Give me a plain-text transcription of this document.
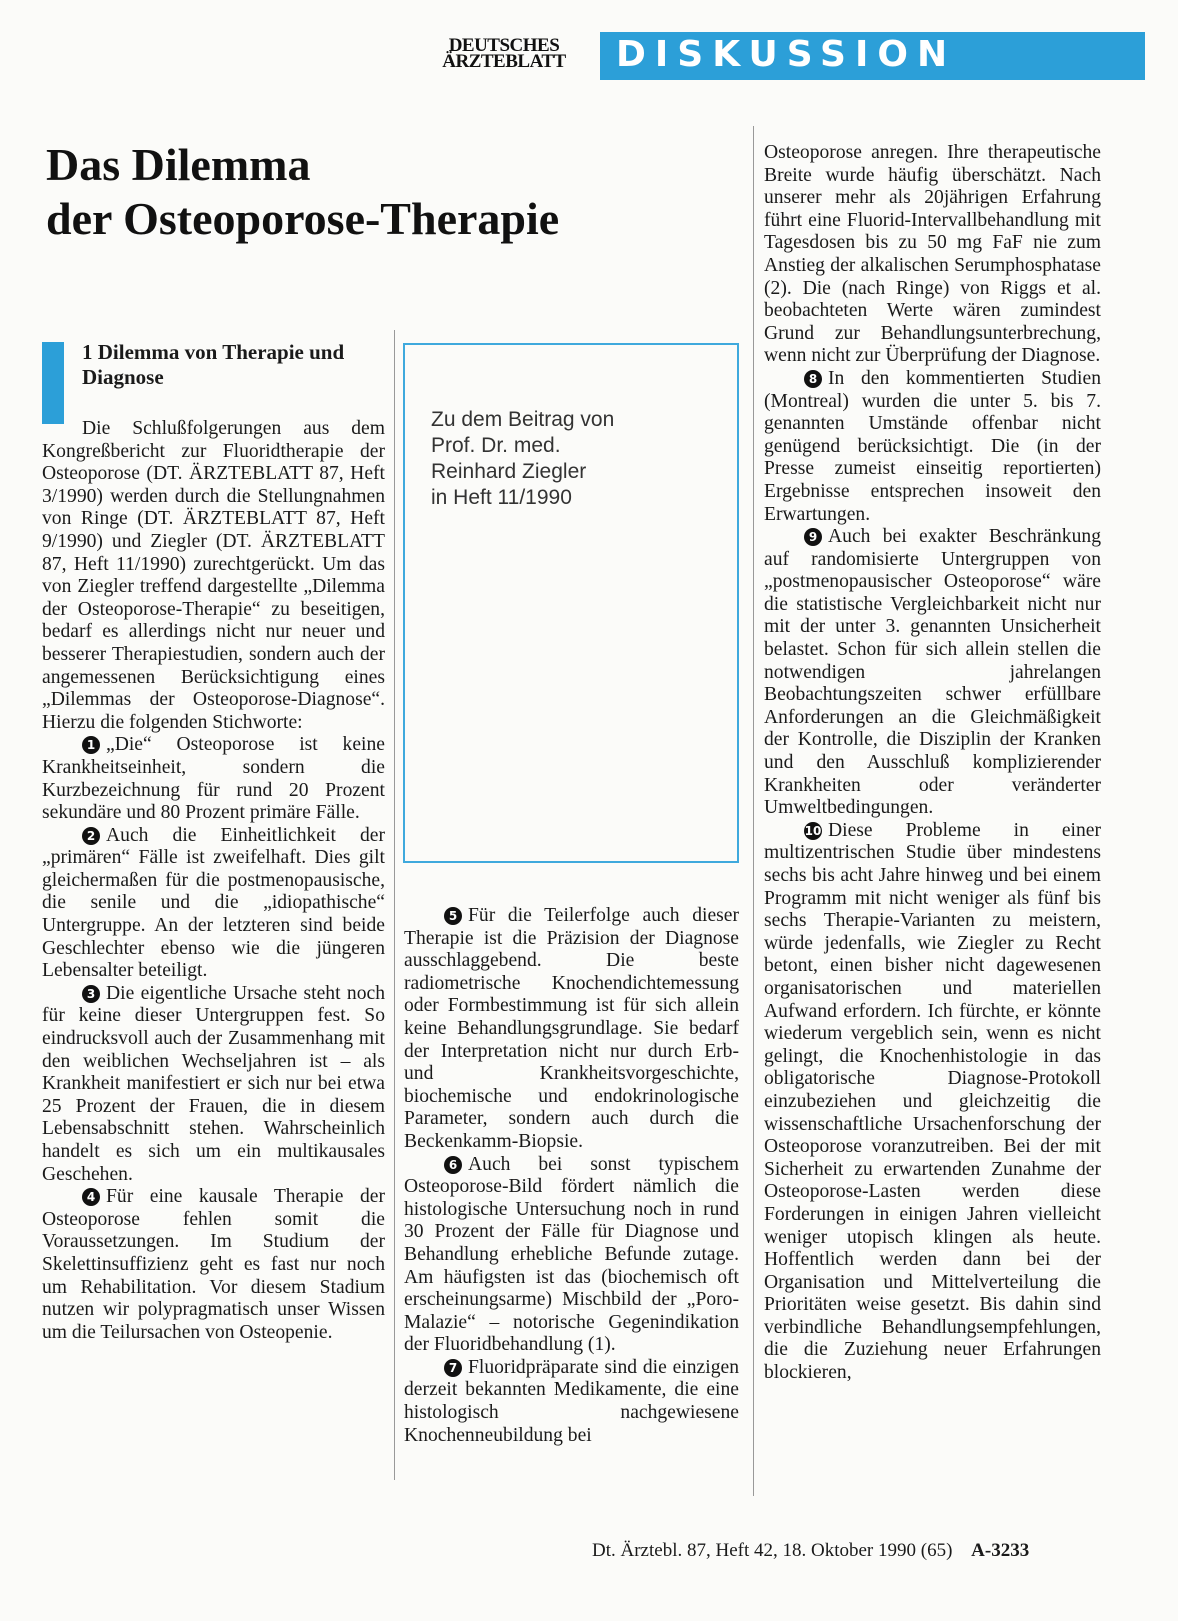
DEUTSCHES
ÄRZTEBLATT	DISKUSSION
Das Dilemma
der Osteoporose-Therapie
1 Dilemma von Therapie und Diagnose

Die Schlußfolgerungen aus dem Kongreßbericht zur Fluoridtherapie der Osteoporose (DT. ÄRZTEBLATT 87, Heft 3/1990) werden durch die Stellungnahmen von Ringe (DT. ÄRZTEBLATT 87, Heft 9/1990) und Ziegler (DT. ÄRZTEBLATT 87, Heft 11/1990) zurechtgerückt. Um das von Ziegler treffend dargestellte „Dilemma der Osteoporose-Therapie“ zu beseitigen, bedarf es allerdings nicht nur neuer und besserer Therapiestudien, sondern auch der angemessenen Berücksichtigung eines „Dilemmas der Osteoporose-Diagnose“. Hierzu die folgenden Stichworte:

1 „Die“ Osteoporose ist keine Krankheitseinheit, sondern die Kurzbezeichnung für rund 20 Prozent sekundäre und 80 Prozent primäre Fälle.

2 Auch die Einheitlichkeit der „primären“ Fälle ist zweifelhaft. Dies gilt gleichermaßen für die postmenopausische, die senile und die „idiopathische“ Untergruppe. An der letzteren sind beide Geschlechter ebenso wie die jüngeren Lebensalter beteiligt.

3 Die eigentliche Ursache steht noch für keine dieser Untergruppen fest. So eindrucksvoll auch der Zusammenhang mit den weiblichen Wechseljahren ist – als Krankheit manifestiert er sich nur bei etwa 25 Prozent der Frauen, die in diesem Lebensabschnitt stehen. Wahrscheinlich handelt es sich um ein multikausales Geschehen.

4 Für eine kausale Therapie der Osteoporose fehlen somit die Voraussetzungen. Im Studium der Skelettinsuffizienz geht es fast nur noch um Rehabilitation. Vor diesem Stadium nutzen wir polypragmatisch unser Wissen um die Teilursachen von Osteopenie.

Zu dem Beitrag von
Prof. Dr. med.
Reinhard Ziegler
in Heft 11/1990

5 Für die Teilerfolge auch dieser Therapie ist die Präzision der Diagnose ausschlaggebend. Die beste radiometrische Knochendichtemessung oder Formbestimmung ist für sich allein keine Behandlungsgrundlage. Sie bedarf der Interpretation nicht nur durch Erb- und Krankheitsvorgeschichte, biochemische und endokrinologische Parameter, sondern auch durch die Beckenkamm-Biopsie.

6 Auch bei sonst typischem Osteoporose-Bild fördert nämlich die histologische Untersuchung noch in rund 30 Prozent der Fälle für Diagnose und Behandlung erhebliche Befunde zutage. Am häufigsten ist das (biochemisch oft erscheinungsarme) Mischbild der „Poro-Malazie“ – notorische Gegenindikation der Fluoridbehandlung (1).

7 Fluoridpräparate sind die einzigen derzeit bekannten Medikamente, die eine histologisch nachgewiesene Knochenneubildung bei

Osteoporose anregen. Ihre therapeutische Breite wurde häufig überschätzt. Nach unserer mehr als 20jährigen Erfahrung führt eine Fluorid-Intervallbehandlung mit Tagesdosen bis zu 50 mg FaF nie zum Anstieg der alkalischen Serumphosphatase (2). Die (nach Ringe) von Riggs et al. beobachteten Werte wären zumindest Grund zur Behandlungsunterbrechung, wenn nicht zur Überprüfung der Diagnose.

8 In den kommentierten Studien (Montreal) wurden die unter 5. bis 7. genannten Umstände offenbar nicht genügend berücksichtigt. Die (in der Presse zumeist einseitig reportierten) Ergebnisse entsprechen insoweit den Erwartungen.

9 Auch bei exakter Beschränkung auf randomisierte Untergruppen von „postmenopausischer Osteoporose“ wäre die statistische Vergleichbarkeit nicht nur mit der unter 3. genannten Unsicherheit belastet. Schon für sich allein stellen die notwendigen jahrelangen Beobachtungszeiten schwer erfüllbare Anforderungen an die Gleichmäßigkeit der Kontrolle, die Disziplin der Kranken und den Ausschluß komplizierender Krankheiten oder veränderter Umweltbedingungen.

10 Diese Probleme in einer multizentrischen Studie über mindestens sechs bis acht Jahre hinweg und bei einem Programm mit nicht weniger als fünf bis sechs Therapie-Varianten zu meistern, würde jedenfalls, wie Ziegler zu Recht betont, einen bisher nicht dagewesenen organisatorischen und materiellen Aufwand erfordern. Ich fürchte, er könnte wiederum vergeblich sein, wenn es nicht gelingt, die Knochenhistologie in das obligatorische Diagnose-Protokoll einzubeziehen und gleichzeitig die wissenschaftliche Ursachenforschung der Osteoporose voranzutreiben. Bei der mit Sicherheit zu erwartenden Zunahme der Osteoporose-Lasten werden diese Forderungen in einigen Jahren vielleicht weniger utopisch klingen als heute. Hoffentlich werden dann bei der Organisation und Mittelverteilung die Prioritäten weise gesetzt. Bis dahin sind verbindliche Behandlungsempfehlungen, die die Zuziehung neuer Erfahrungen blockieren,

Dt. Ärztebl. 87, Heft 42, 18. Oktober 1990 (65) A-3233
